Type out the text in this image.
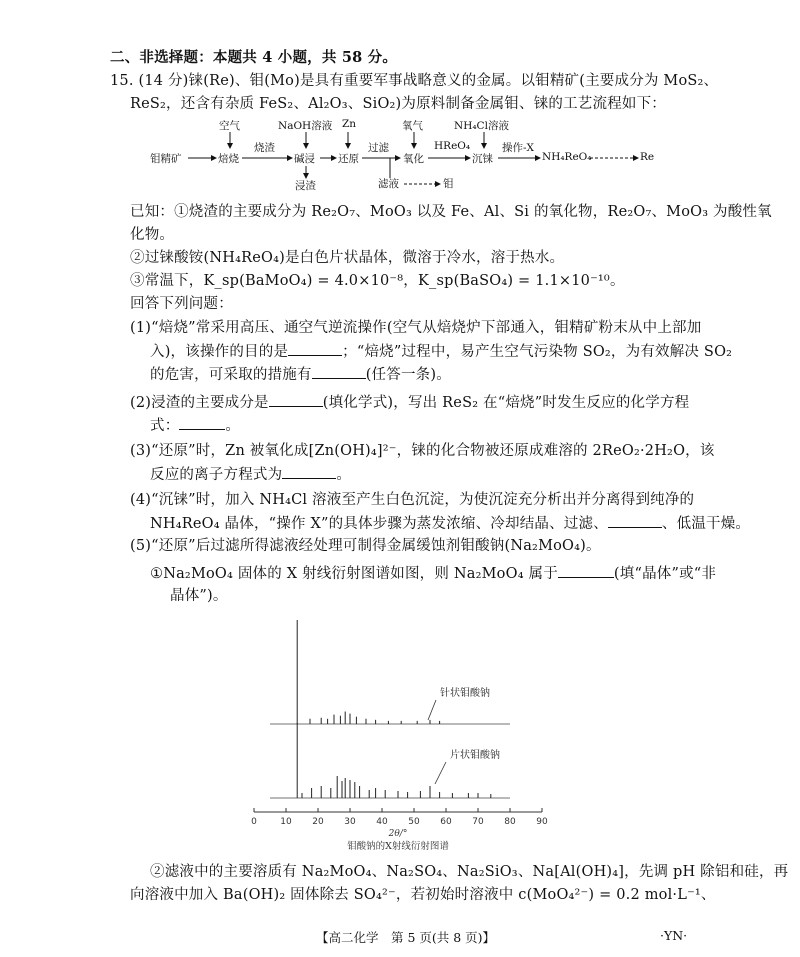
二、非选择题：本题共 4 小题，共 58 分。
15. (14 分)铼(Re)、钼(Mo)是具有重要军事战略意义的金属。以钼精矿(主要成分为 MoS₂、
ReS₂，还含有杂质 FeS₂、Al₂O₃、SiO₂)为原料制备金属钼、铼的工艺流程如下：
钼精矿	焙烧
空气
烧渣
NaOH溶液
碱浸
浸渣
Zn
还原
过滤
滤液	钼
氧气
氧化
HReO₄
NH₄Cl溶液
沉铼
操作-X
NH₄ReO₄	Re
已知：①烧渣的主要成分为 Re₂O₇、MoO₃ 以及 Fe、Al、Si 的氧化物，Re₂O₇、MoO₃ 为酸性氧
化物。
②过铼酸铵(NH₄ReO₄)是白色片状晶体，微溶于冷水，溶于热水。
③常温下，K_sp(BaMoO₄) = 4.0×10⁻⁸，K_sp(BaSO₄) = 1.1×10⁻¹⁰。
回答下列问题：
(1)“焙烧”常采用高压、通空气逆流操作(空气从焙烧炉下部通入，钼精矿粉末从中上部加
入)，该操作的目的是	；“焙烧”过程中，易产生空气污染物 SO₂，为有效解决 SO₂
的危害，可采取的措施有	(任答一条)。
(2)浸渣的主要成分是	(填化学式)，写出 ReS₂ 在“焙烧”时发生反应的化学方程
式：	。
(3)“还原”时，Zn 被氧化成[Zn(OH)₄]²⁻，铼的化合物被还原成难溶的 2ReO₂·2H₂O，该
反应的离子方程式为	。
(4)“沉铼”时，加入 NH₄Cl 溶液至产生白色沉淀，为使沉淀充分析出并分离得到纯净的
NH₄ReO₄ 晶体，“操作 X”的具体步骤为蒸发浓缩、冷却结晶、过滤、	、低温干燥。
(5)“还原”后过滤所得滤液经处理可制得金属缓蚀剂钼酸钠(Na₂MoO₄)。
①Na₂MoO₄ 固体的 X 射线衍射图谱如图，则 Na₂MoO₄ 属于	(填“晶体”或“非
晶体”)。
0	10 20 30 40 50 60 70 80 90
2θ/°
钼酸钠的X射线衍射图谱
针状钼酸钠
片状钼酸钠
②滤液中的主要溶质有 Na₂MoO₄、Na₂SO₄、Na₂SiO₃、Na[Al(OH)₄]，先调 pH 除铝和硅，再
向溶液中加入 Ba(OH)₂ 固体除去 SO₄²⁻，若初始时溶液中 c(MoO₄²⁻) = 0.2 mol·L⁻¹、
【高二化学　第 5 页(共 8 页)】	·YN·
